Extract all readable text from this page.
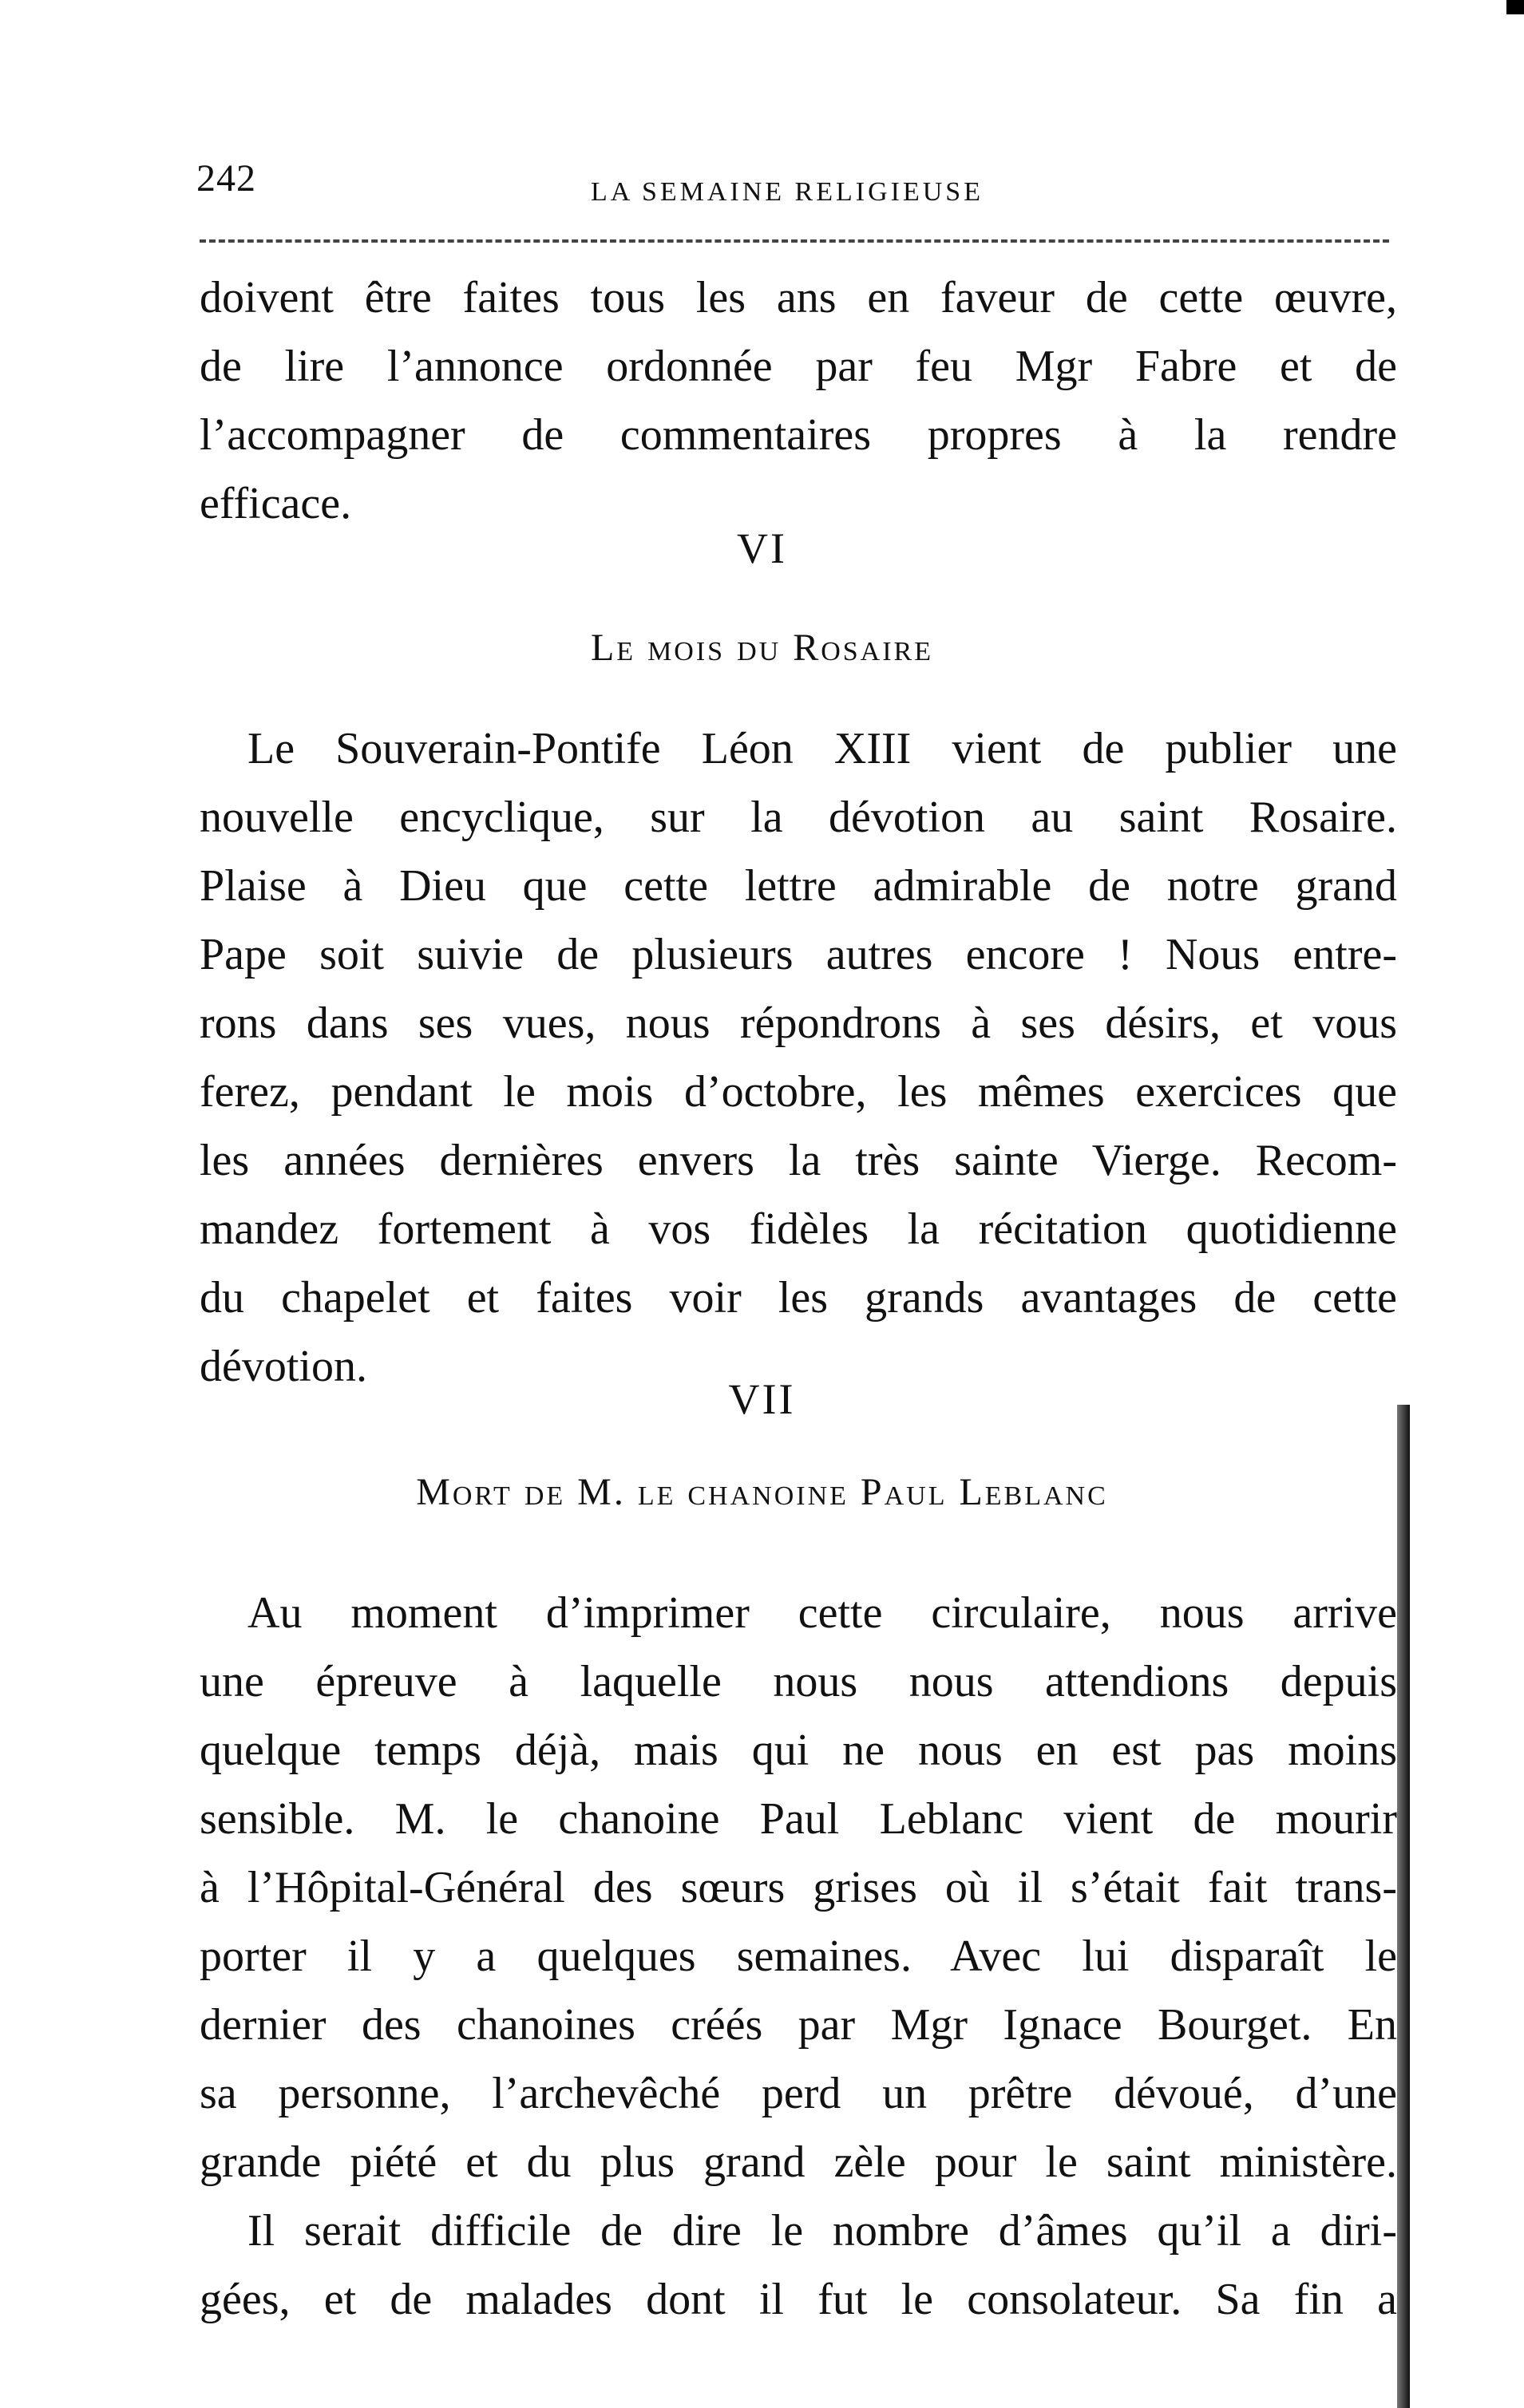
242	LA SEMAINE RELIGIEUSE
doivent être faites tous les ans en faveur de cette œuvre,
de lire l’annonce ordonnée par feu Mgr Fabre et de
l’accompagner de commentaires propres à la rendre
efficace.
VI
Le mois du Rosaire
Le Souverain-Pontife Léon XIII vient de publier une
nouvelle encyclique, sur la dévotion au saint Rosaire.
Plaise à Dieu que cette lettre admirable de notre grand
Pape soit suivie de plusieurs autres encore ! Nous entre-
rons dans ses vues, nous répondrons à ses désirs, et vous
ferez, pendant le mois d’octobre, les mêmes exercices que
les années dernières envers la très sainte Vierge. Recom-
mandez fortement à vos fidèles la récitation quotidienne
du chapelet et faites voir les grands avantages de cette
dévotion.
VII
Mort de M. le chanoine Paul Leblanc
Au moment d’imprimer cette circulaire, nous arrive
une épreuve à laquelle nous nous attendions depuis
quelque temps déjà, mais qui ne nous en est pas moins
sensible. M. le chanoine Paul Leblanc vient de mourir
à l’Hôpital-Général des sœurs grises où il s’était fait trans-
porter il y a quelques semaines. Avec lui disparaît le
dernier des chanoines créés par Mgr Ignace Bourget. En
sa personne, l’archevêché perd un prêtre dévoué, d’une
grande piété et du plus grand zèle pour le saint ministère.
Il serait difficile de dire le nombre d’âmes qu’il a diri-
gées, et de malades dont il fut le consolateur. Sa fin a
